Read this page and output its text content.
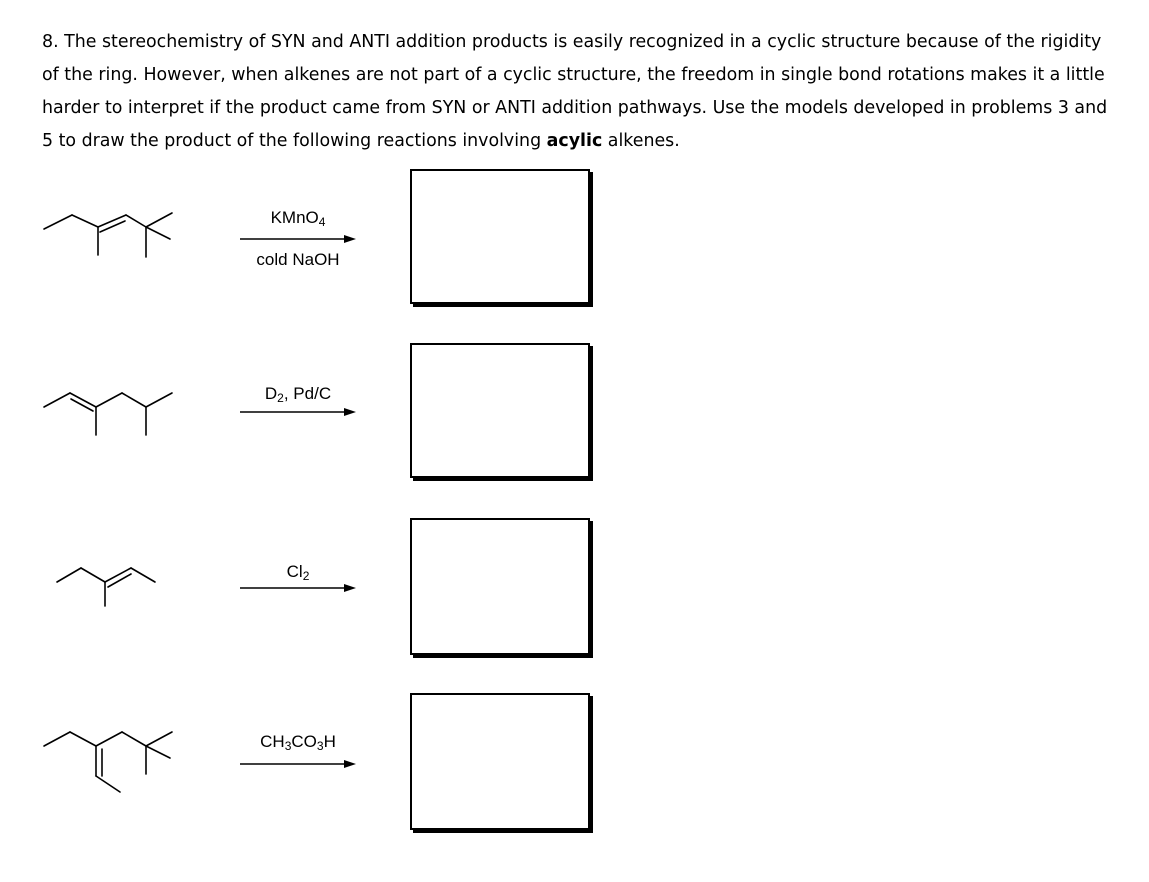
8. The stereochemistry of SYN and ANTI addition products is easily recognized in a cyclic structure because of the rigidity of the ring. However, when alkenes are not part of a cyclic structure, the freedom in single bond rotations makes it a little harder to interpret if the product came from SYN or ANTI addition pathways. Use the models developed in problems 3 and 5 to draw the product of the following reactions involving acylic alkenes.
KMnO$_4$
cold NaOH
$D_2$, Pd/C
$Cl_2$
$CH_3CO_3H$
